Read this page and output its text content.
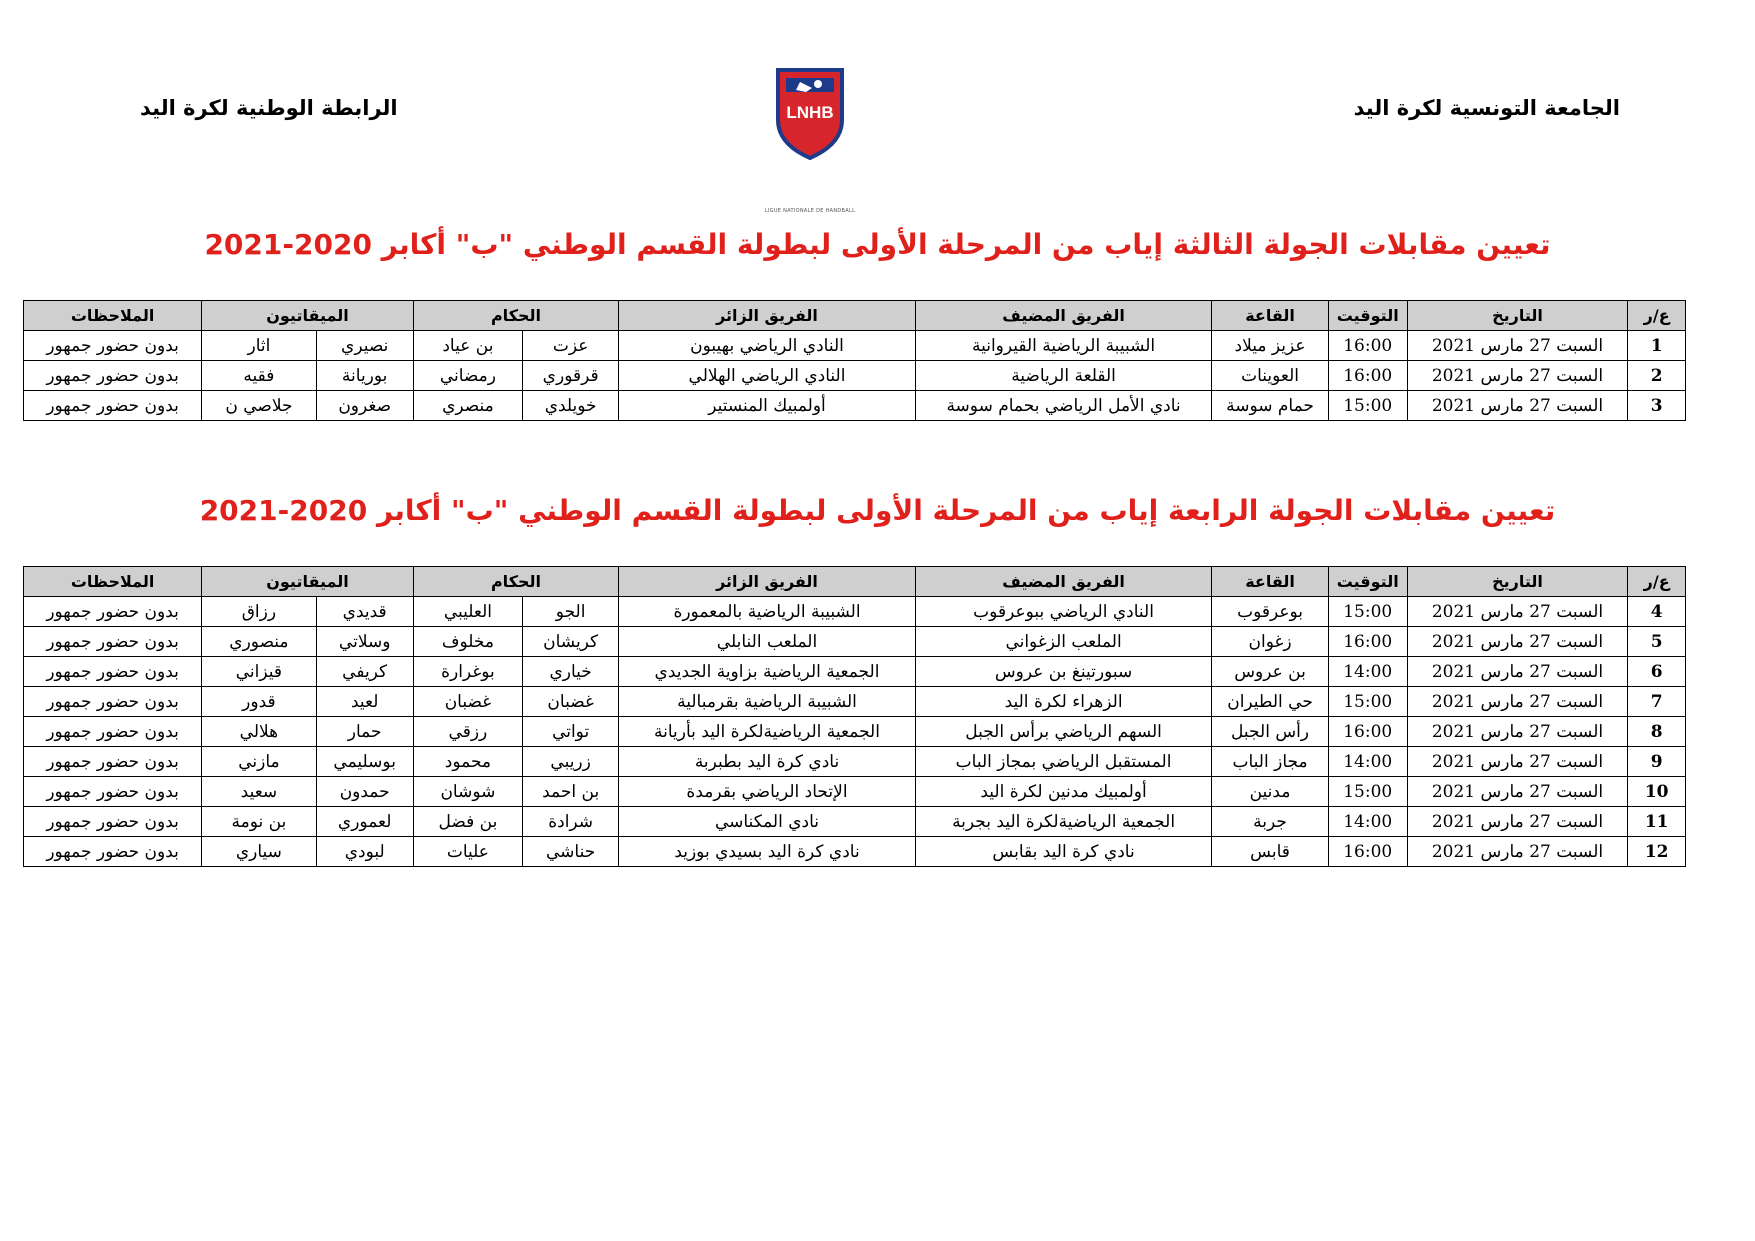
الجامعة التونسية لكرة اليد
الرابطة الوطنية لكرة اليد	LNHB
LIGUE NATIONALE DE HANDBALL
تعيين مقابلات الجولة الثالثة إياب من المرحلة الأولى لبطولة القسم الوطني "ب" أكابر 2020-2021
ع/ر	التاريخ	التوقيت	القاعة	الفريق المضيف	الفريق الزائر	الحكام		الميقاتيون		الملاحظات
1	السبت 27 مارس 2021	16:00	عزيز ميلاد	الشبيبة الرياضية القيروانية	النادي الرياضي بهيبون	عزت	بن عياد	نصيري	اثار	بدون حضور جمهور
2	السبت 27 مارس 2021	16:00	العوينات	القلعة الرياضية	النادي الرياضي الهلالي	قرقوري	رمضاني	بوريانة	فقيه	بدون حضور جمهور
3	السبت 27 مارس 2021	15:00	حمام سوسة	نادي الأمل الرياضي بحمام سوسة	أولمبيك المنستير	خويلدي	منصري	صغرون	جلاصي ن	بدون حضور جمهور
تعيين مقابلات الجولة الرابعة إياب من المرحلة الأولى لبطولة القسم الوطني "ب" أكابر 2020-2021
ع/ر	التاريخ	التوقيت	القاعة	الفريق المضيف	الفريق الزائر	الحكام		الميقاتيون		الملاحظات
4	السبت 27 مارس 2021	15:00	بوعرقوب	النادي الرياضي ببوعرقوب	الشبيبة الرياضية بالمعمورة	الجو	العليبي	قديدي	رزاق	بدون حضور جمهور
5	السبت 27 مارس 2021	16:00	زغوان	الملعب الزغواني	الملعب النابلي	كريشان	مخلوف	وسلاتي	منصوري	بدون حضور جمهور
6	السبت 27 مارس 2021	14:00	بن عروس	سبورتينغ بن عروس	الجمعية الرياضية بزاوية الجديدي	خياري	بوغرارة	كريفي	قيزاني	بدون حضور جمهور
7	السبت 27 مارس 2021	15:00	حي الطيران	الزهراء لكرة اليد	الشبيبة الرياضية بقرمبالية	غضبان	غضبان	لعيد	قدور	بدون حضور جمهور
8	السبت 27 مارس 2021	16:00	رأس الجبل	السهم الرياضي برأس الجبل	الجمعية الرياضيةلكرة اليد بأريانة	تواتي	رزقي	حمار	هلالي	بدون حضور جمهور
9	السبت 27 مارس 2021	14:00	مجاز الباب	المستقبل الرياضي بمجاز الباب	نادي كرة اليد بطبربة	زريبي	محمود	بوسليمي	مازني	بدون حضور جمهور
10	السبت 27 مارس 2021	15:00	مدنين	أولمبيك مدنين لكرة اليد	الإتحاد الرياضي بقرمدة	بن احمد	شوشان	حمدون	سعيد	بدون حضور جمهور
11	السبت 27 مارس 2021	14:00	جربة	الجمعية الرياضيةلكرة اليد بجربة	نادي المكناسي	شرادة	بن فضل	لعموري	بن نومة	بدون حضور جمهور
12	السبت 27 مارس 2021	16:00	قابس	نادي كرة اليد بقابس	نادي كرة اليد بسيدي بوزيد	حناشي	عليات	لبودي	سياري	بدون حضور جمهور
